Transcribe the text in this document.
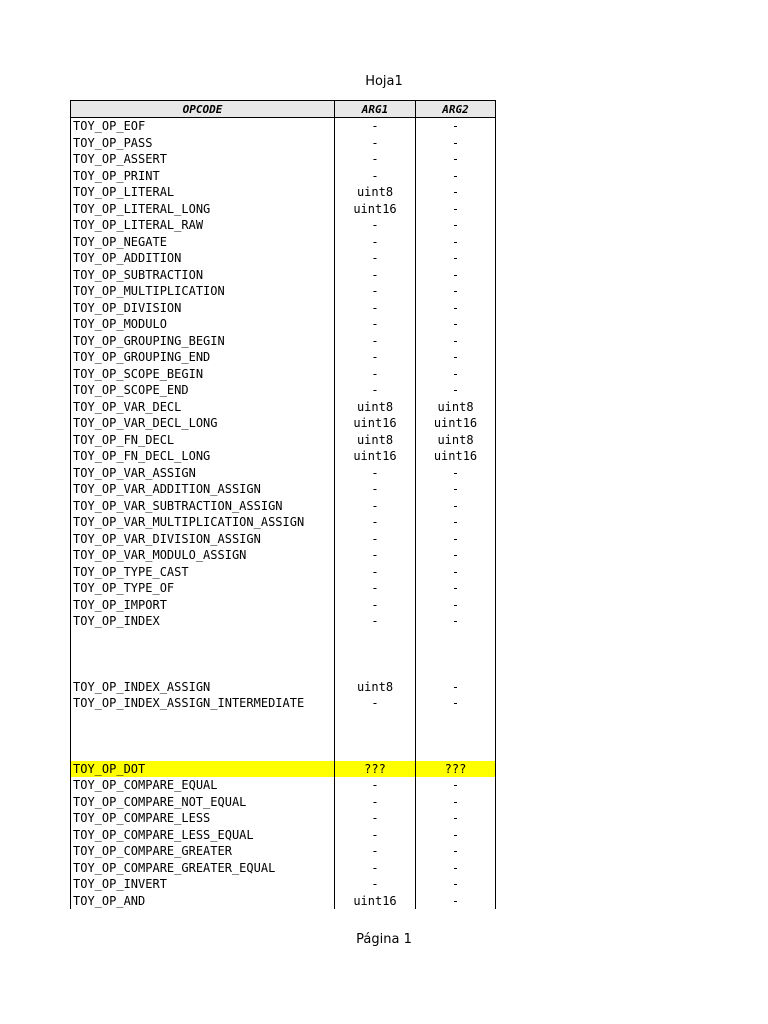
Hoja1
OPCODE	ARG1	ARG2
TOY_OP_EOF	-	-
TOY_OP_PASS	-	-
TOY_OP_ASSERT	-	-
TOY_OP_PRINT	-	-
TOY_OP_LITERAL	uint8	-
TOY_OP_LITERAL_LONG	uint16	-
TOY_OP_LITERAL_RAW	-	-
TOY_OP_NEGATE	-	-
TOY_OP_ADDITION	-	-
TOY_OP_SUBTRACTION	-	-
TOY_OP_MULTIPLICATION	-	-
TOY_OP_DIVISION	-	-
TOY_OP_MODULO	-	-
TOY_OP_GROUPING_BEGIN	-	-
TOY_OP_GROUPING_END	-	-
TOY_OP_SCOPE_BEGIN	-	-
TOY_OP_SCOPE_END	-	-
TOY_OP_VAR_DECL	uint8	uint8
TOY_OP_VAR_DECL_LONG	uint16	uint16
TOY_OP_FN_DECL	uint8	uint8
TOY_OP_FN_DECL_LONG	uint16	uint16
TOY_OP_VAR_ASSIGN	-	-
TOY_OP_VAR_ADDITION_ASSIGN	-	-
TOY_OP_VAR_SUBTRACTION_ASSIGN	-	-
TOY_OP_VAR_MULTIPLICATION_ASSIGN	-	-
TOY_OP_VAR_DIVISION_ASSIGN	-	-
TOY_OP_VAR_MODULO_ASSIGN	-	-
TOY_OP_TYPE_CAST	-	-
TOY_OP_TYPE_OF	-	-
TOY_OP_IMPORT	-	-
TOY_OP_INDEX	-	-

TOY_OP_INDEX_ASSIGN	uint8	-
TOY_OP_INDEX_ASSIGN_INTERMEDIATE	-	-

TOY_OP_DOT	???	???
TOY_OP_COMPARE_EQUAL	-	-
TOY_OP_COMPARE_NOT_EQUAL	-	-
TOY_OP_COMPARE_LESS	-	-
TOY_OP_COMPARE_LESS_EQUAL	-	-
TOY_OP_COMPARE_GREATER	-	-
TOY_OP_COMPARE_GREATER_EQUAL	-	-
TOY_OP_INVERT	-	-
TOY_OP_AND	uint16	-
Página 1
